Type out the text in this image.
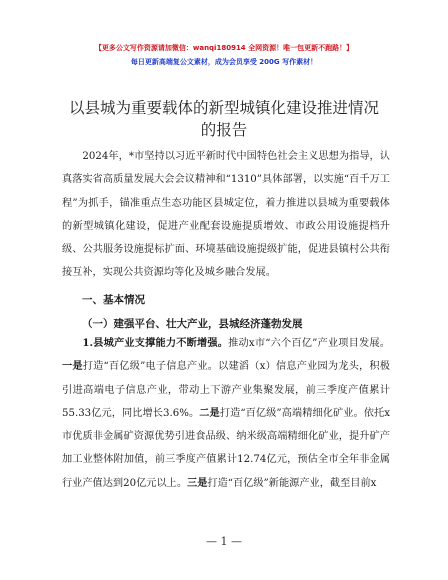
【更多公文写作资源请加微信：wanqi180914 全网资源！唯一包更新不跑路！】
每日更新高端复公文素材，成为会员享受 200G 写作素材！
以县城为重要载体的新型城镇化建设推进情况
的报告
2024年，*市坚持以习近平新时代中国特色社会主义思想为指导，认真落实省高质量发展大会会议精神和“1310”具体部署，以实施“百千万工程”为抓手，锚准重点生态功能区县城定位，着力推进以县城为重要载体的新型城镇化建设，促进产业配套设施提质增效、市政公用设施提档升级、公共服务设施提标扩面、环境基础设施提级扩能，促进县镇村公共衔接互补，实现公共资源均等化及城乡融合发展。
一、基本情况
（一）建强平台、壮大产业，县城经济蓬勃发展
1.县城产业支撑能力不断增强。推动x市“六个百亿”产业项目发展。一是打造“百亿级”电子信息产业。以建滔（x）信息产业园为龙头，积极引进高端电子信息产业，带动上下游产业集聚发展，前三季度产值累计55.33亿元，同比增长3.6%。二是打造“百亿级”高端精细化矿业。依托x市优质非金属矿资源优势引进食品级、纳米级高端精细化矿业，提升矿产加工业整体附加值，前三季度产值累计12.74亿元，预估全市全年非金属行业产值达到20亿元以上。三是打造“百亿级”新能源产业，截至目前x
— 1 —
